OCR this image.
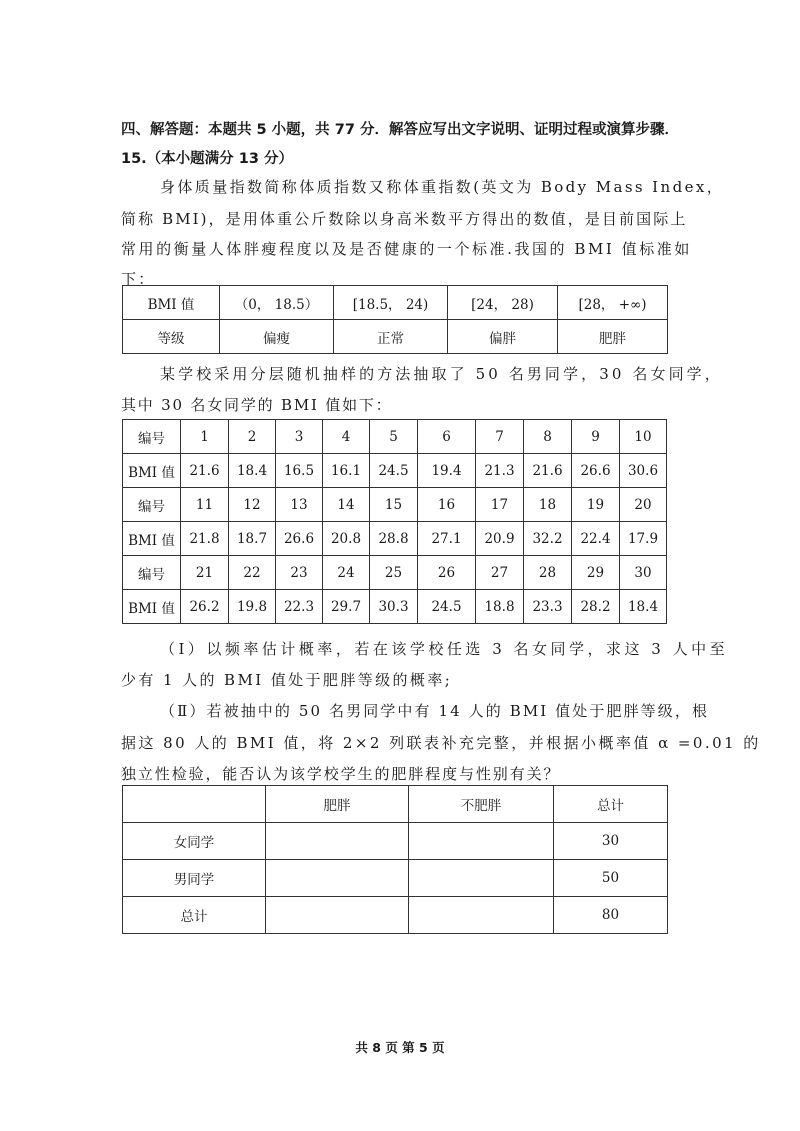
四、解答题：本题共 5 小题，共 77 分．解答应写出文字说明、证明过程或演算步骤．
15.（本小题满分 13 分）
身体质量指数简称体质指数又称体重指数(英文为 Body Mass Index，
简称 BMI)，是用体重公斤数除以身高米数平方得出的数值，是目前国际上
常用的衡量人体胖瘦程度以及是否健康的一个标准.我国的 BMI 值标准如
下：
BMI 值	（0， 18.5）	[18.5， 24)	[24， 28)	[28， +∞)
等级	偏瘦	正常	偏胖	肥胖
某学校采用分层随机抽样的方法抽取了 50 名男同学，30 名女同学，
其中 30 名女同学的 BMI 值如下：
编号	1	2	3	4	5	6	7	8	9	10
BMI 值	21.6	18.4	16.5	16.1	24.5	19.4	21.3	21.6	26.6	30.6
编号	11	12	13	14	15	16	17	18	19	20
BMI 值	21.8	18.7	26.6	20.8	28.8	27.1	20.9	32.2	22.4	17.9
编号	21	22	23	24	25	26	27	28	29	30
BMI 值	26.2	19.8	22.3	29.7	30.3	24.5	18.8	23.3	28.2	18.4
（Ⅰ）以频率估计概率，若在该学校任选 3 名女同学，求这 3 人中至
少有 1 人的 BMI 值处于肥胖等级的概率;
（Ⅱ）若被抽中的 50 名男同学中有 14 人的 BMI 值处于肥胖等级，根
据这 80 人的 BMI 值，将 2×2 列联表补充完整，并根据小概率值 α =0.01 的
独立性检验，能否认为该学校学生的肥胖程度与性别有关？
	肥胖	不肥胖	总计
女同学			30
男同学			50
总计			80
共 8 页 第 5 页
